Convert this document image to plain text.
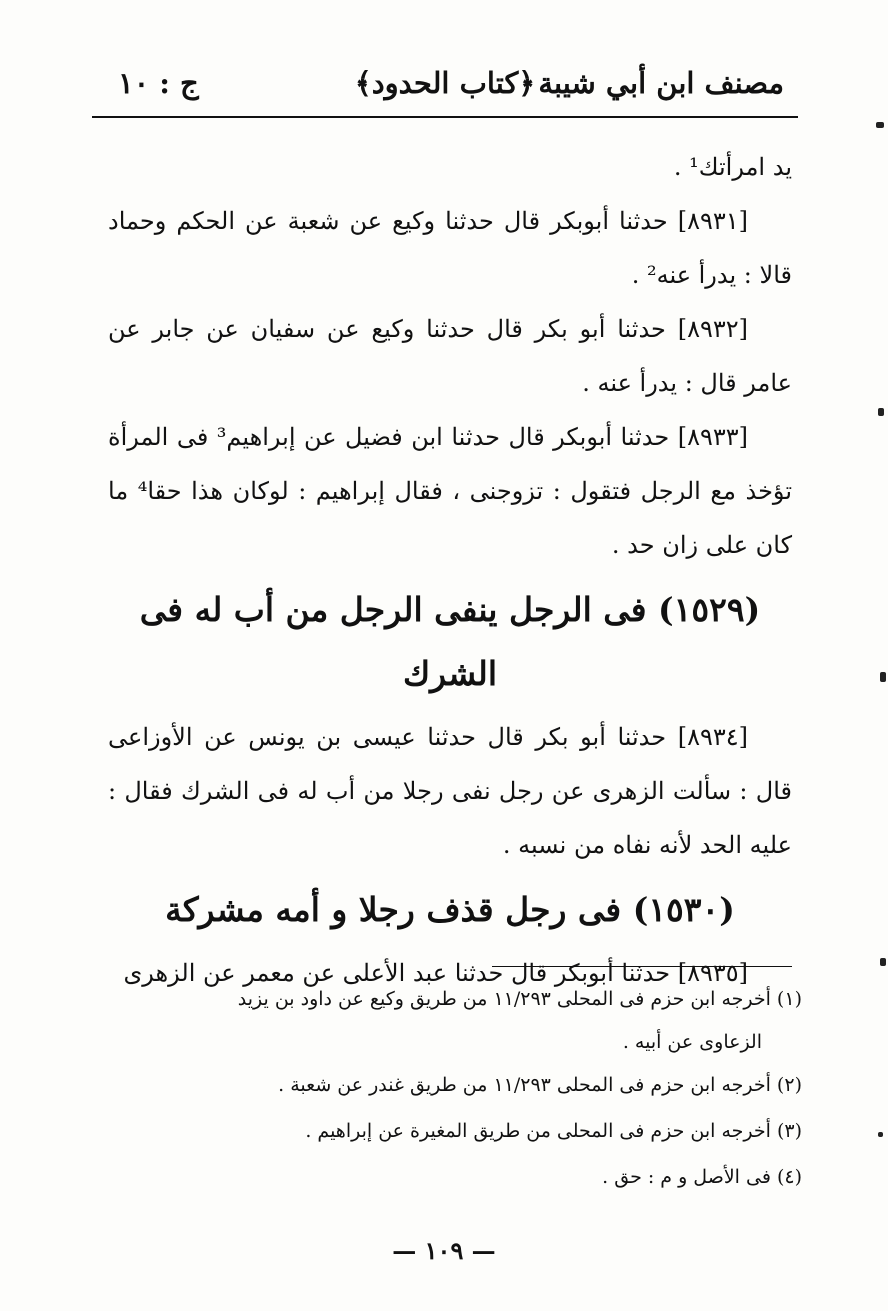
مصنف ابن أبي شيبة
﴿كتاب الحدود﴾
ج : ١٠

يد امرأتك¹ .

[٨٩٣١] حدثنا أبوبكر قال حدثنا وكيع عن شعبة عن الحكم وحماد قالا : يدرأ عنه² .

[٨٩٣٢] حدثنا أبو بكر قال حدثنا وكيع عن سفيان عن جابر عن عامر قال : يدرأ عنه .

[٨٩٣٣] حدثنا أبوبكر قال حدثنا ابن فضيل عن إبراهيم³ فى المرأة تؤخذ مع الرجل فتقول : تزوجنى ، فقال إبراهيم : لوكان هذا حقا⁴ ما كان على زان حد .

(١٥٢٩) فى الرجل ينفى الرجل من أب له فى الشرك

[٨٩٣٤] حدثنا أبو بكر قال حدثنا عيسى بن يونس عن الأوزاعى قال : سألت الزهرى عن رجل نفى رجلا من أب له فى الشرك فقال : عليه الحد لأنه نفاه من نسبه .

(١٥٣٠) فى رجل قذف رجلا و أمه مشركة

[٨٩٣٥] حدثنا أبوبكر قال حدثنا عبد الأعلى عن معمر عن الزهرى

(١) أخرجه ابن حزم فى المحلى ١١/٢٩٣ من طريق وكيع عن داود بن يزيد

الزعاوى عن أبيه .

(٢) أخرجه ابن حزم فى المحلى ١١/٢٩٣ من طريق غندر عن شعبة .

(٣) أخرجه ابن حزم فى المحلى من طريق المغيرة عن إبراهيم .

(٤) فى الأصل و م : حق .

— ١٠٩ —
